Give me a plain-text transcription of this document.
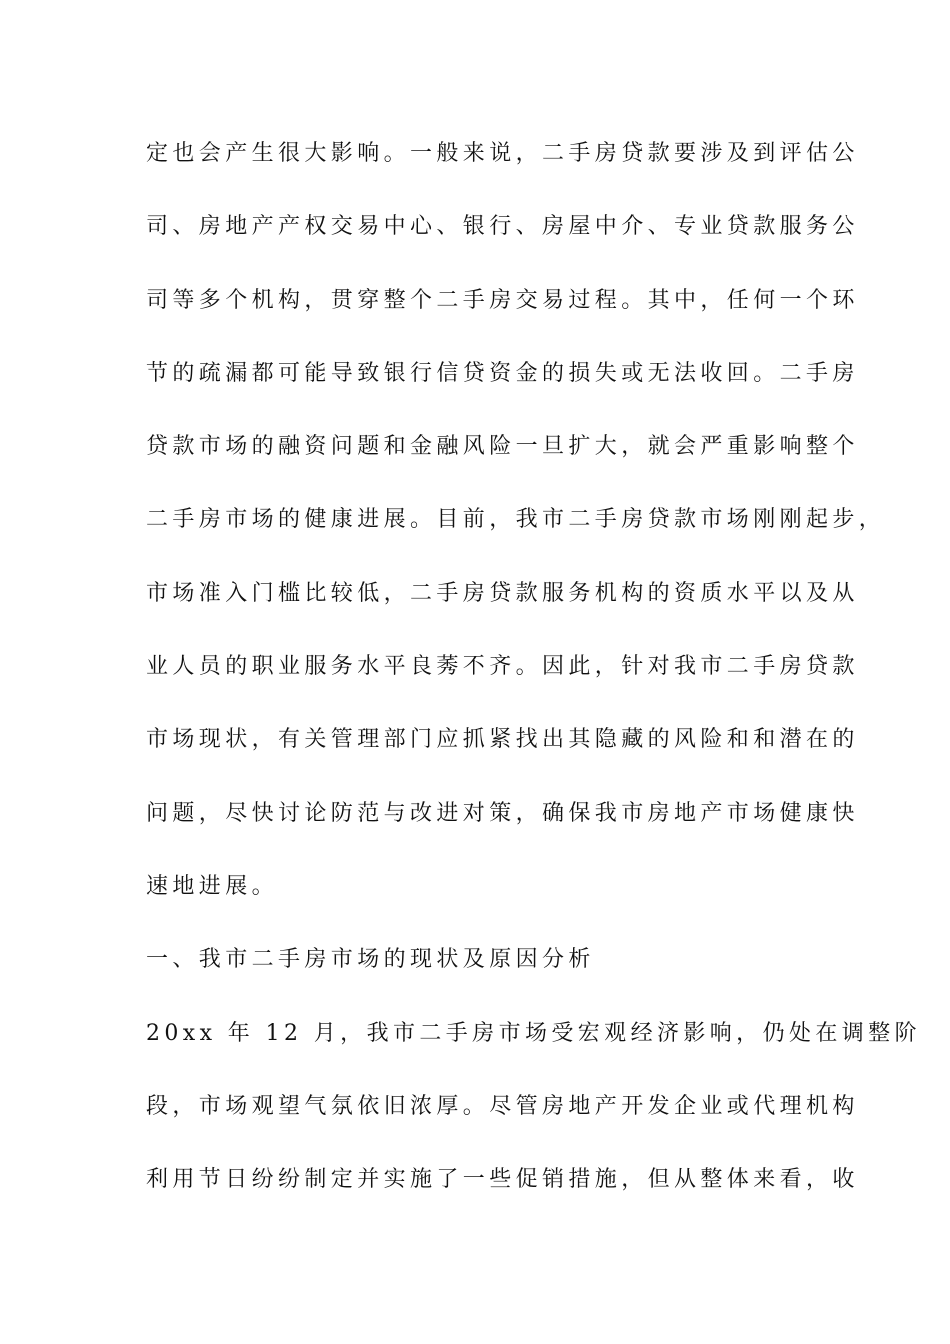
定也会产生很大影响。一般来说，二手房贷款要涉及到评估公
司、房地产产权交易中心、银行、房屋中介、专业贷款服务公
司等多个机构，贯穿整个二手房交易过程。其中，任何一个环
节的疏漏都可能导致银行信贷资金的损失或无法收回。二手房
贷款市场的融资问题和金融风险一旦扩大，就会严重影响整个
二手房市场的健康进展。目前，我市二手房贷款市场刚刚起步，
市场准入门槛比较低，二手房贷款服务机构的资质水平以及从
业人员的职业服务水平良莠不齐。因此，针对我市二手房贷款
市场现状，有关管理部门应抓紧找出其隐藏的风险和和潜在的
问题，尽快讨论防范与改进对策，确保我市房地产市场健康快
速地进展。
一、我市二手房市场的现状及原因分析
20xx 年 12 月，我市二手房市场受宏观经济影响，仍处在调整阶
段，市场观望气氛依旧浓厚。尽管房地产开发企业或代理机构
利用节日纷纷制定并实施了一些促销措施，但从整体来看，收
